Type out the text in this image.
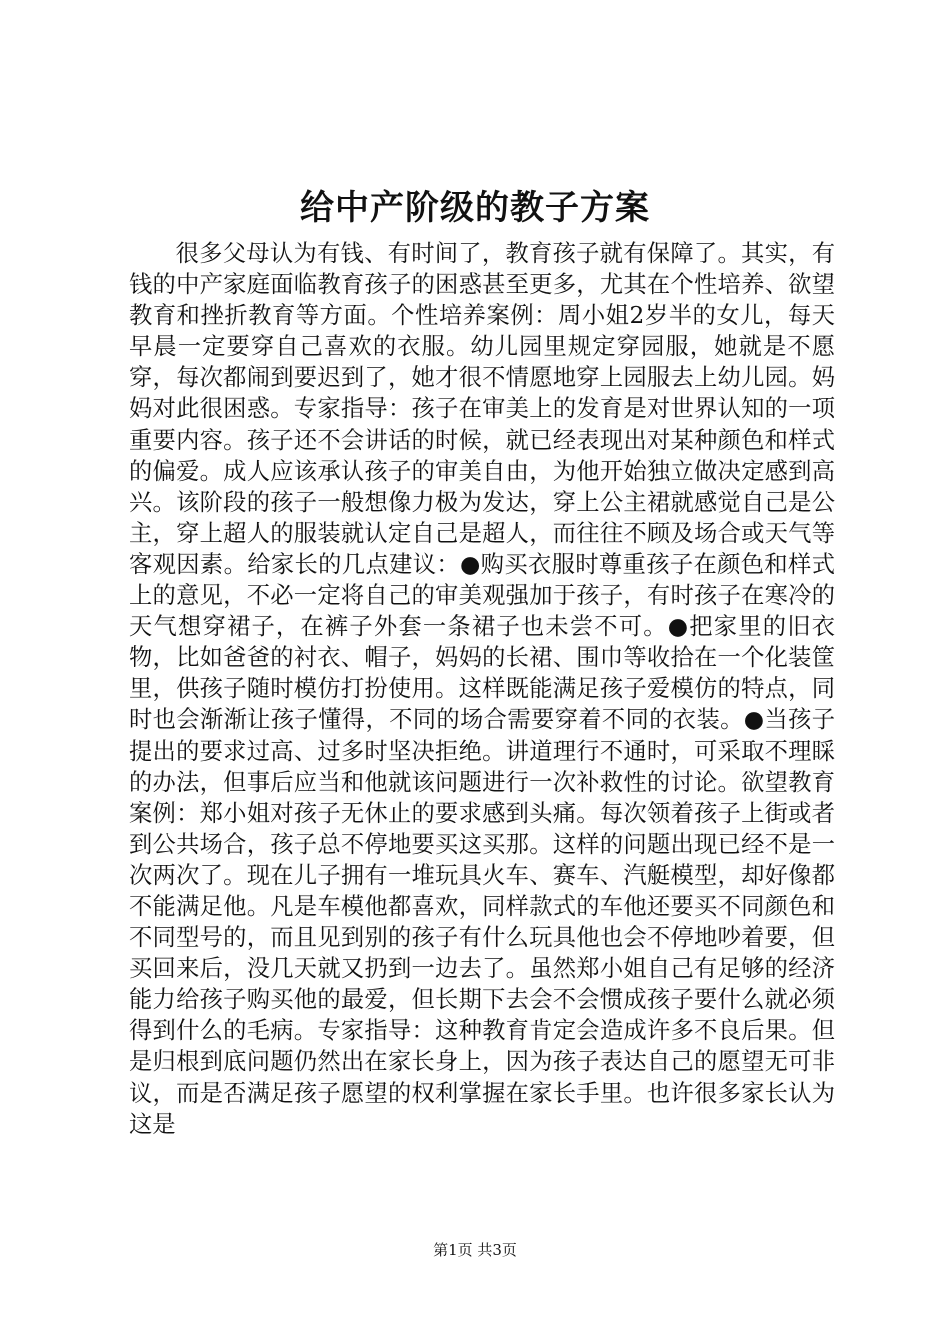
给中产阶级的教子方案

很多父母认为有钱、有时间了，教育孩子就有保障了。其实，有钱的中产家庭面临教育孩子的困惑甚至更多，尤其在个性培养、欲望教育和挫折教育等方面。个性培养案例：周小姐2岁半的女儿，每天早晨一定要穿自己喜欢的衣服。幼儿园里规定穿园服，她就是不愿穿，每次都闹到要迟到了，她才很不情愿地穿上园服去上幼儿园。妈妈对此很困惑。专家指导：孩子在审美上的发育是对世界认知的一项重要内容。孩子还不会讲话的时候，就已经表现出对某种颜色和样式的偏爱。成人应该承认孩子的审美自由，为他开始独立做决定感到高兴。该阶段的孩子一般想像力极为发达，穿上公主裙就感觉自己是公主，穿上超人的服装就认定自己是超人，而往往不顾及场合或天气等客观因素。给家长的几点建议：●购买衣服时尊重孩子在颜色和样式上的意见，不必一定将自己的审美观强加于孩子，有时孩子在寒冷的天气想穿裙子，在裤子外套一条裙子也未尝不可。●把家里的旧衣物，比如爸爸的衬衣、帽子，妈妈的长裙、围巾等收拾在一个化装筐里，供孩子随时模仿打扮使用。这样既能满足孩子爱模仿的特点，同时也会渐渐让孩子懂得，不同的场合需要穿着不同的衣装。●当孩子提出的要求过高、过多时坚决拒绝。讲道理行不通时，可采取不理睬的办法，但事后应当和他就该问题进行一次补救性的讨论。欲望教育案例：郑小姐对孩子无休止的要求感到头痛。每次领着孩子上街或者到公共场合，孩子总不停地要买这买那。这样的问题出现已经不是一次两次了。现在儿子拥有一堆玩具火车、赛车、汽艇模型，却好像都不能满足他。凡是车模他都喜欢，同样款式的车他还要买不同颜色和不同型号的，而且见到别的孩子有什么玩具他也会不停地吵着要，但买回来后，没几天就又扔到一边去了。虽然郑小姐自己有足够的经济能力给孩子购买他的最爱，但长期下去会不会惯成孩子要什么就必须得到什么的毛病。专家指导：这种教育肯定会造成许多不良后果。但是归根到底问题仍然出在家长身上，因为孩子表达自己的愿望无可非议，而是否满足孩子愿望的权利掌握在家长手里。也许很多家长认为这是

第1页 共3页
